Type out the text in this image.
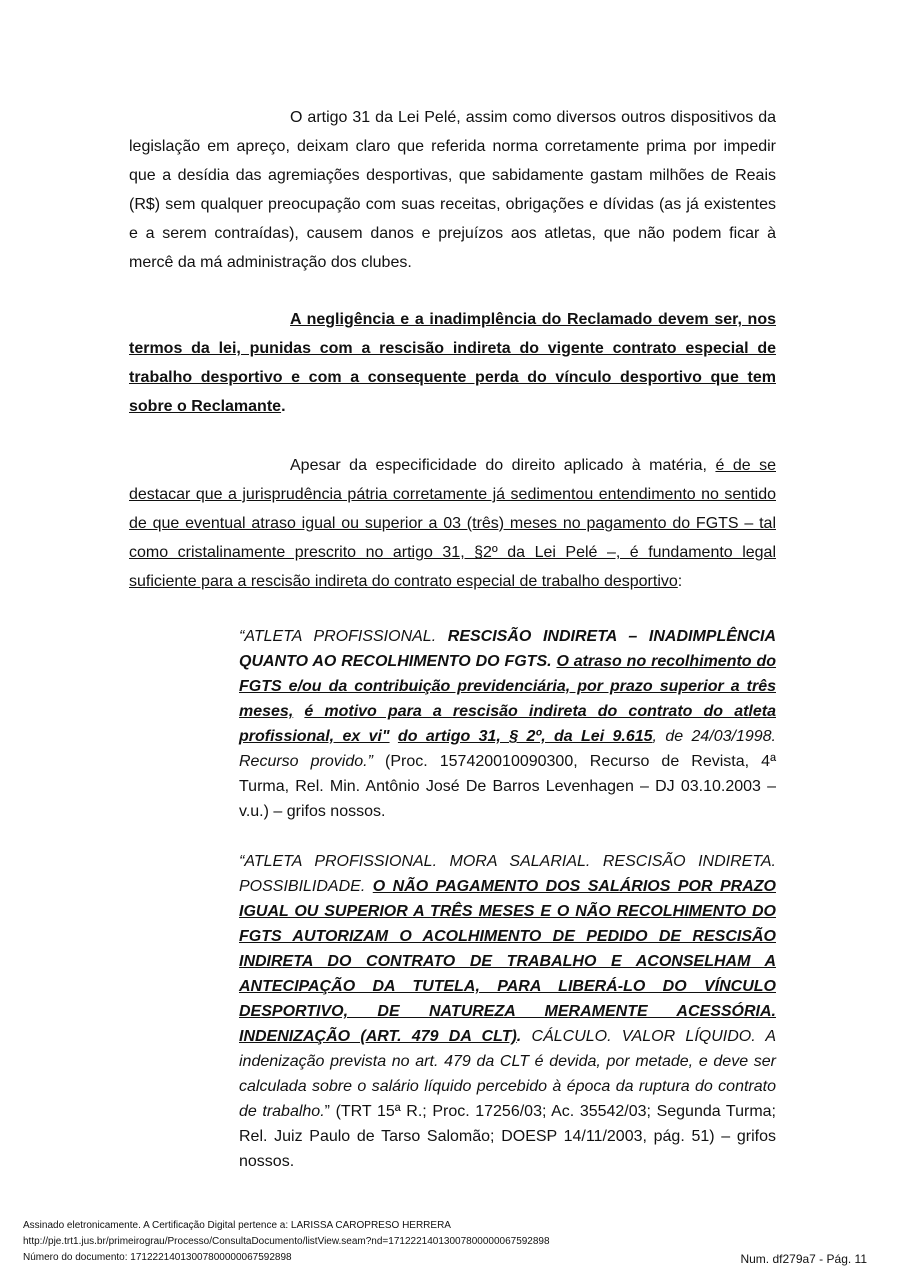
O artigo 31 da Lei Pelé, assim como diversos outros dispositivos da legislação em apreço, deixam claro que referida norma corretamente prima por impedir que a desídia das agremiações desportivas, que sabidamente gastam milhões de Reais (R$) sem qualquer preocupação com suas receitas, obrigações e dívidas (as já existentes e a serem contraídas), causem danos e prejuízos aos atletas, que não podem ficar à mercê da má administração dos clubes.

A negligência e a inadimplência do Reclamado devem ser, nos termos da lei, punidas com a rescisão indireta do vigente contrato especial de trabalho desportivo e com a consequente perda do vínculo desportivo que tem sobre o Reclamante.

Apesar da especificidade do direito aplicado à matéria, é de se destacar que a jurisprudência pátria corretamente já sedimentou entendimento no sentido de que eventual atraso igual ou superior a 03 (três) meses no pagamento do FGTS – tal como cristalinamente prescrito no artigo 31, §2º da Lei Pelé –, é fundamento legal suficiente para a rescisão indireta do contrato especial de trabalho desportivo:

“ATLETA PROFISSIONAL. RESCISÃO INDIRETA – INADIMPLÊNCIA QUANTO AO RECOLHIMENTO DO FGTS. O atraso no recolhimento do FGTS e/ou da contribuição previdenciária, por prazo superior a três meses, é motivo para a rescisão indireta do contrato do atleta profissional, ex vi" do artigo 31, § 2º, da Lei 9.615, de 24/03/1998. Recurso provido.” (Proc. 157420010090300, Recurso de Revista, 4ª Turma, Rel. Min. Antônio José De Barros Levenhagen – DJ 03.10.2003 – v.u.) – grifos nossos.

“ATLETA PROFISSIONAL. MORA SALARIAL. RESCISÃO INDIRETA. POSSIBILIDADE. O NÃO PAGAMENTO DOS SALÁRIOS POR PRAZO IGUAL OU SUPERIOR A TRÊS MESES E O NÃO RECOLHIMENTO DO FGTS AUTORIZAM O ACOLHIMENTO DE PEDIDO DE RESCISÃO INDIRETA DO CONTRATO DE TRABALHO E ACONSELHAM A ANTECIPAÇÃO DA TUTELA, PARA LIBERÁ-LO DO VÍNCULO DESPORTIVO, DE NATUREZA MERAMENTE ACESSÓRIA. INDENIZAÇÃO (ART. 479 DA CLT). CÁLCULO. VALOR LÍQUIDO. A indenização prevista no art. 479 da CLT é devida, por metade, e deve ser calculada sobre o salário líquido percebido à época da ruptura do contrato de trabalho.” (TRT 15ª R.; Proc. 17256/03; Ac. 35542/03; Segunda Turma; Rel. Juiz Paulo de Tarso Salomão; DOESP 14/11/2003, pág. 51) – grifos nossos.

Assinado eletronicamente. A Certificação Digital pertence a: LARISSA CAROPRESO HERRERA
http://pje.trt1.jus.br/primeirograu/Processo/ConsultaDocumento/listView.seam?nd=17122214013007800000067592898
Número do documento: 17122214013007800000067592898	Num. df279a7 - Pág. 11
